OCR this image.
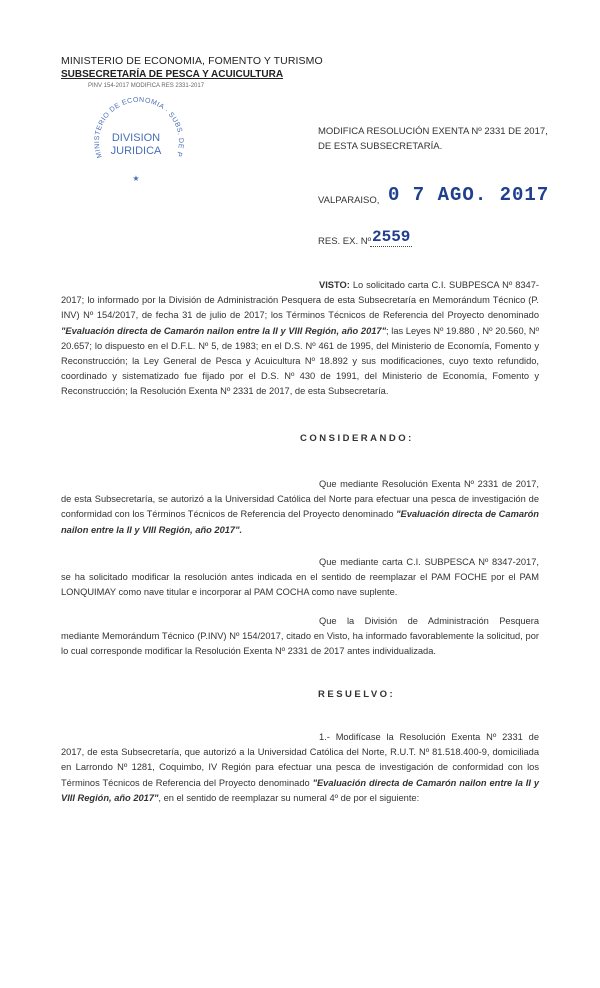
MINISTERIO DE ECONOMIA, FOMENTO Y TURISMO
SUBSECRETARÍA DE PESCA Y ACUICULTURA
PINV 154-2017 MODIFICA RES 2331-2017
MINISTERIO DE ECONOMIA · SUBS. DE P
DIVISION
JURIDICA
★
MODIFICA RESOLUCIÓN EXENTA Nº 2331 DE 2017,
DE ESTA SUBSECRETARÍA.
VALPARAISO, 0 7 AGO. 2017
RES. EX. Nº 2559
VISTO: Lo solicitado carta C.I. SUBPESCA Nº 8347-2017; lo informado por la División de Administración Pesquera de esta Subsecretaría en Memorándum Técnico (P. INV) Nº 154/2017, de fecha 31 de julio de 2017; los Términos Técnicos de Referencia del Proyecto denominado "Evaluación directa de Camarón nailon entre la II y VIII Región, año 2017"; las Leyes Nº 19.880 , Nº 20.560, Nº 20.657; lo dispuesto en el D.F.L. Nº 5, de 1983; en el D.S. Nº 461 de 1995, del Ministerio de Economía, Fomento y Reconstrucción; la Ley General de Pesca y Acuicultura Nº 18.892 y sus modificaciones, cuyo texto refundido, coordinado y sistematizado fue fijado por el D.S. Nº 430 de 1991, del Ministerio de Economía, Fomento y Reconstrucción; la Resolución Exenta Nº 2331 de 2017, de esta Subsecretaría.
CONSIDERANDO:
Que mediante Resolución Exenta Nº 2331 de 2017, de esta Subsecretaría, se autorizó a la Universidad Católica del Norte para efectuar una pesca de investigación de conformidad con los Términos Técnicos de Referencia del Proyecto denominado "Evaluación directa de Camarón nailon entre la II y VIII Región, año 2017".
Que mediante carta C.I. SUBPESCA Nº 8347-2017, se ha solicitado modificar la resolución antes indicada en el sentido de reemplazar el PAM FOCHE por el PAM LONQUIMAY como nave titular e incorporar al PAM COCHA como nave suplente.
Que la División de Administración Pesquera mediante Memorándum Técnico (P.INV) Nº 154/2017, citado en Visto, ha informado favorablemente la solicitud, por lo cual corresponde modificar la Resolución Exenta Nº 2331 de 2017 antes individualizada.
RESUELVO:
1.- Modifícase la Resolución Exenta Nº 2331 de 2017, de esta Subsecretaría, que autorizó a la Universidad Católica del Norte, R.U.T. Nº 81.518.400-9, domiciliada en Larrondo Nº 1281, Coquimbo, IV Región para efectuar una pesca de investigación de conformidad con los Términos Técnicos de Referencia del Proyecto denominado "Evaluación directa de Camarón nailon entre la II y VIII Región, año 2017", en el sentido de reemplazar su numeral 4º de por el siguiente:
